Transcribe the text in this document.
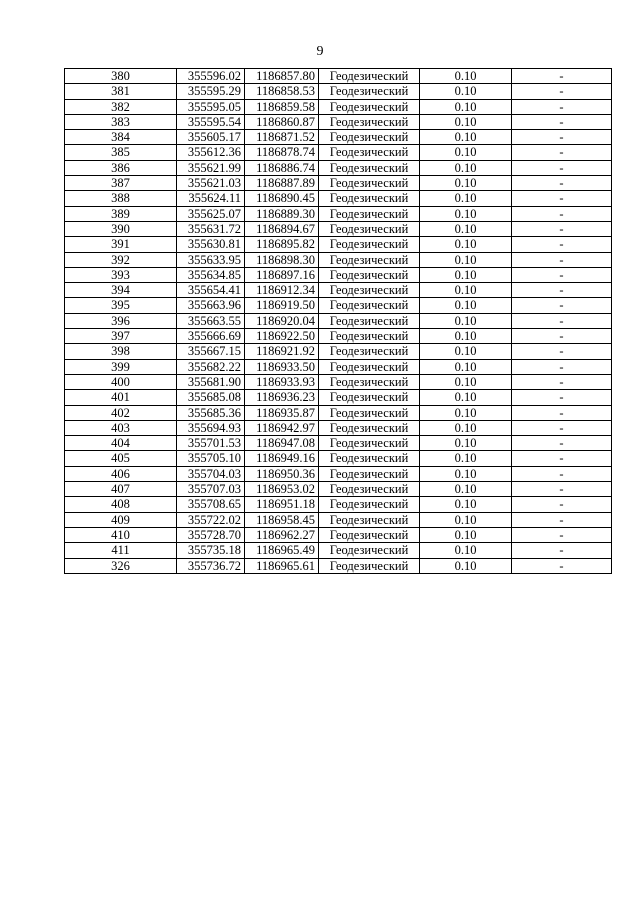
9
380	355596.02	1186857.80	Геодезический	0.10	-
381	355595.29	1186858.53	Геодезический	0.10	-
382	355595.05	1186859.58	Геодезический	0.10	-
383	355595.54	1186860.87	Геодезический	0.10	-
384	355605.17	1186871.52	Геодезический	0.10	-
385	355612.36	1186878.74	Геодезический	0.10	-
386	355621.99	1186886.74	Геодезический	0.10	-
387	355621.03	1186887.89	Геодезический	0.10	-
388	355624.11	1186890.45	Геодезический	0.10	-
389	355625.07	1186889.30	Геодезический	0.10	-
390	355631.72	1186894.67	Геодезический	0.10	-
391	355630.81	1186895.82	Геодезический	0.10	-
392	355633.95	1186898.30	Геодезический	0.10	-
393	355634.85	1186897.16	Геодезический	0.10	-
394	355654.41	1186912.34	Геодезический	0.10	-
395	355663.96	1186919.50	Геодезический	0.10	-
396	355663.55	1186920.04	Геодезический	0.10	-
397	355666.69	1186922.50	Геодезический	0.10	-
398	355667.15	1186921.92	Геодезический	0.10	-
399	355682.22	1186933.50	Геодезический	0.10	-
400	355681.90	1186933.93	Геодезический	0.10	-
401	355685.08	1186936.23	Геодезический	0.10	-
402	355685.36	1186935.87	Геодезический	0.10	-
403	355694.93	1186942.97	Геодезический	0.10	-
404	355701.53	1186947.08	Геодезический	0.10	-
405	355705.10	1186949.16	Геодезический	0.10	-
406	355704.03	1186950.36	Геодезический	0.10	-
407	355707.03	1186953.02	Геодезический	0.10	-
408	355708.65	1186951.18	Геодезический	0.10	-
409	355722.02	1186958.45	Геодезический	0.10	-
410	355728.70	1186962.27	Геодезический	0.10	-
411	355735.18	1186965.49	Геодезический	0.10	-
326	355736.72	1186965.61	Геодезический	0.10	-
